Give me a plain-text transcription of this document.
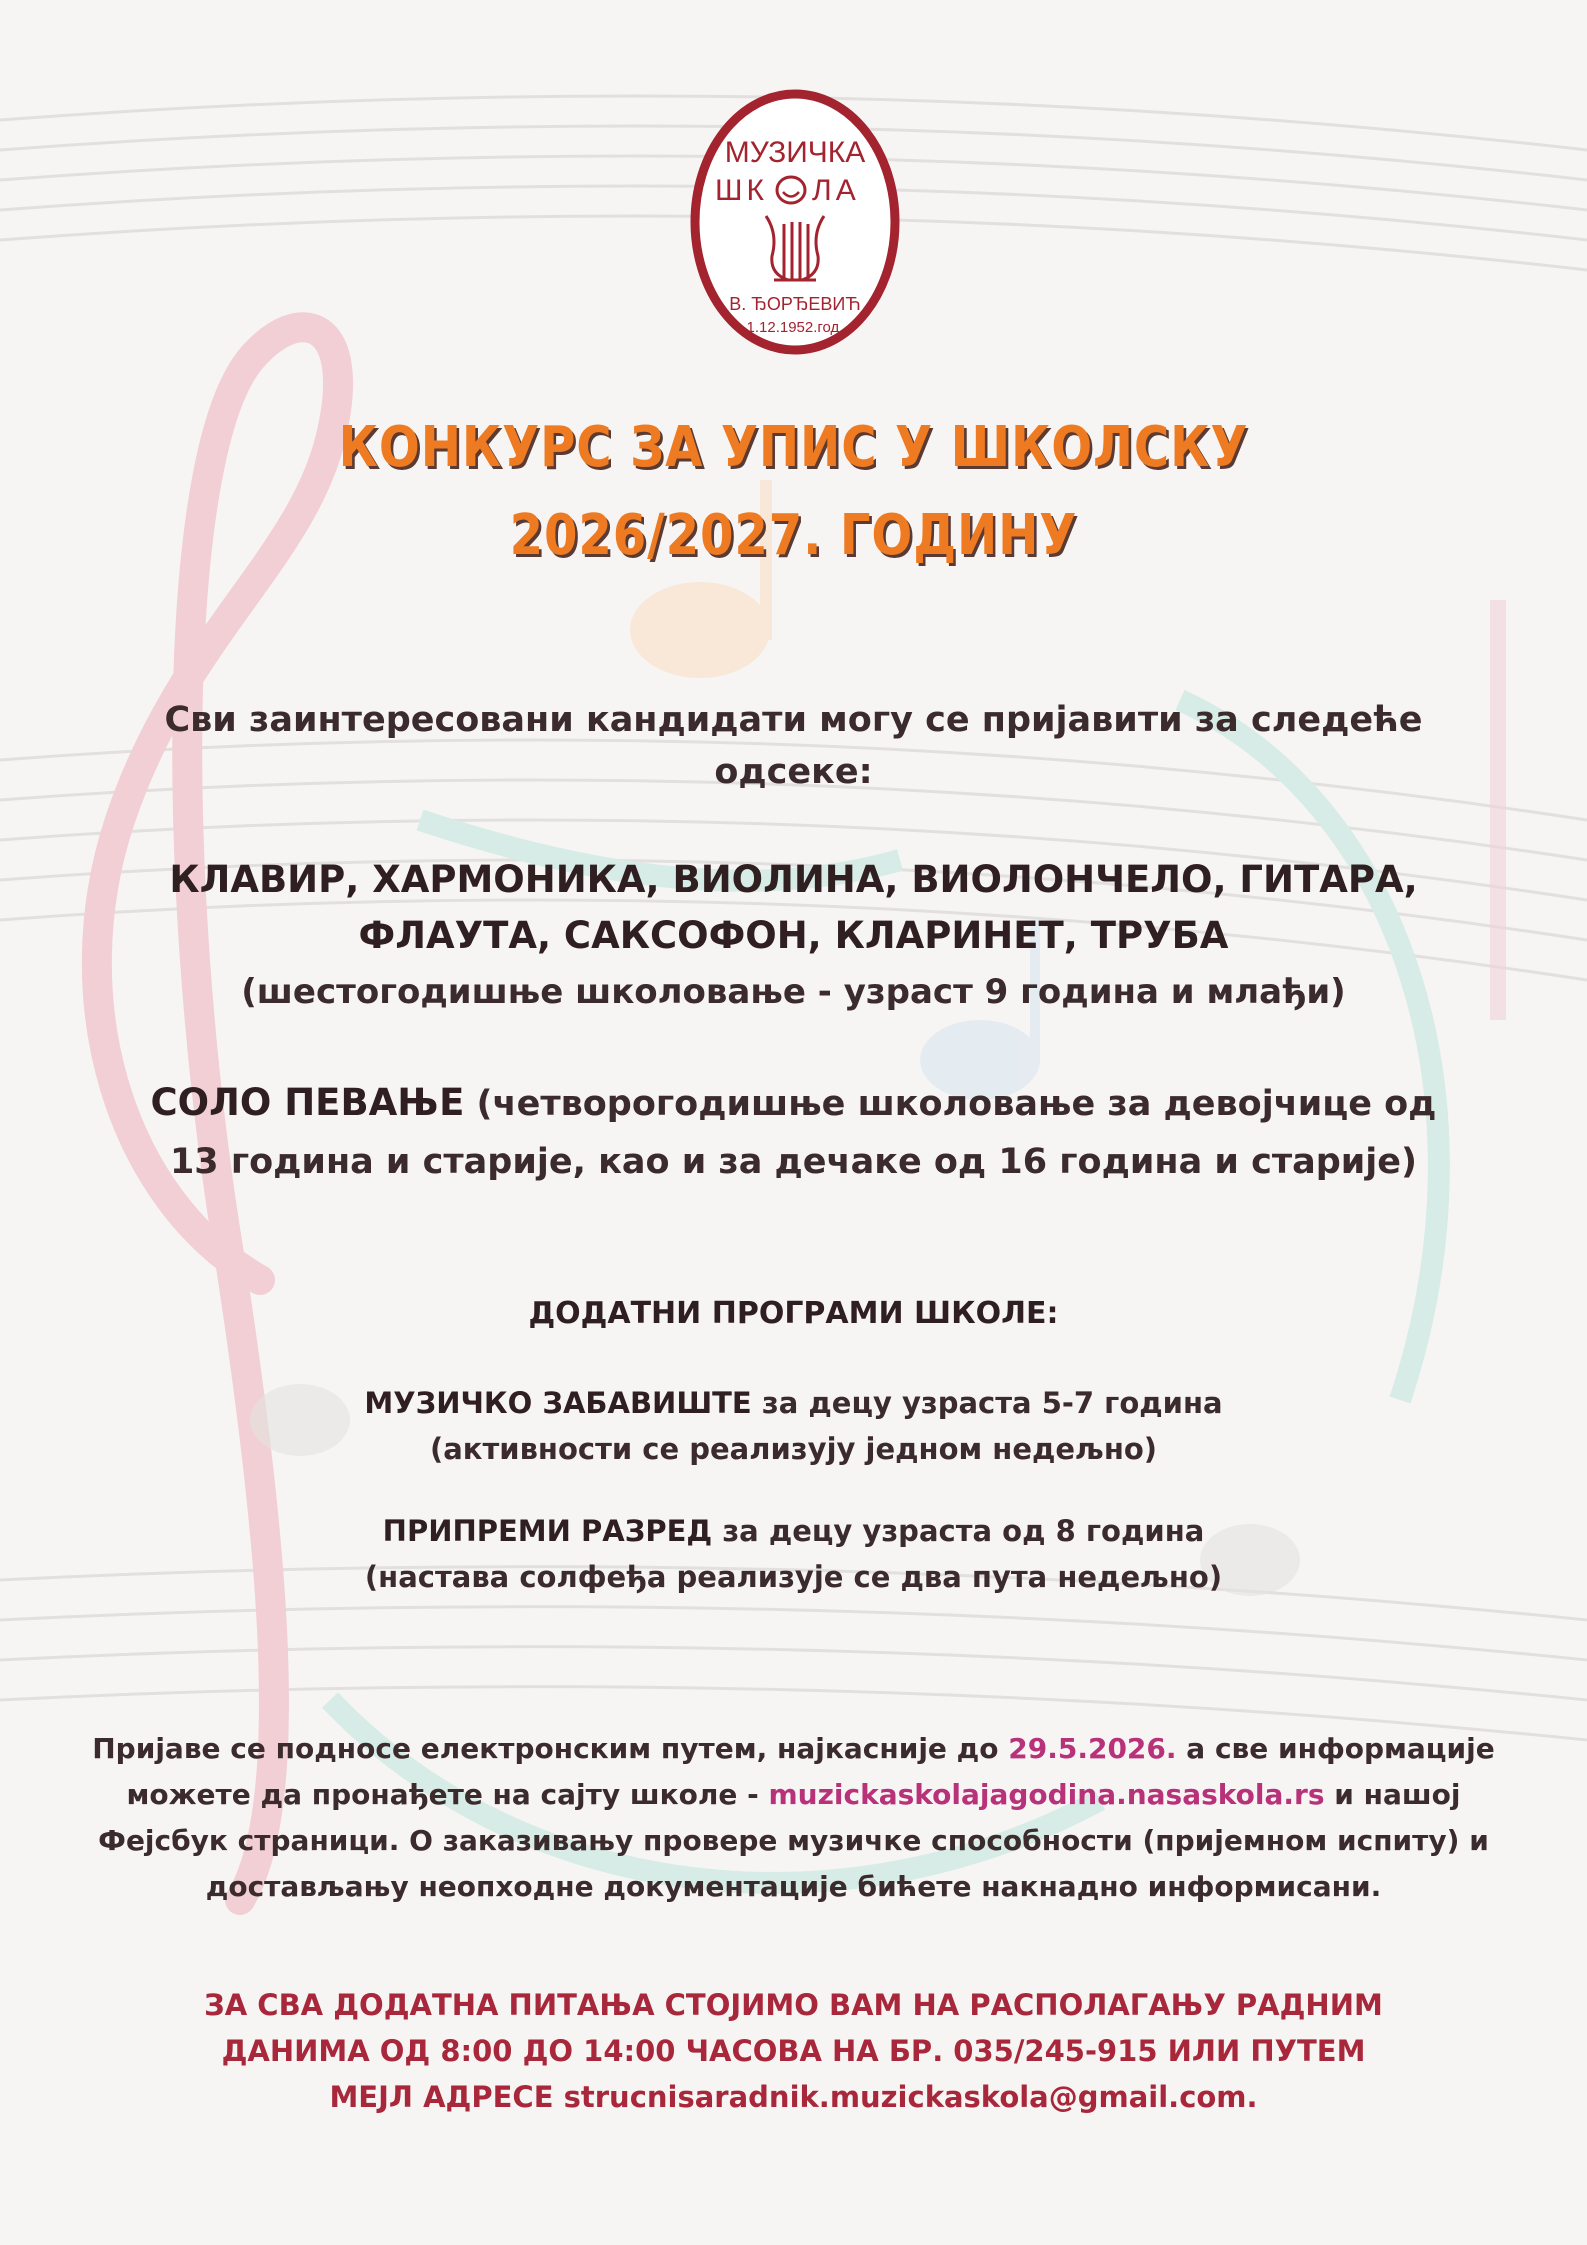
МУЗИЧКА
ШК ЛА
В. ЂОРЂЕВИЋ
1.12.1952.год.
КОНКУРС ЗА УПИС У ШКОЛСКУ
2026/2027. ГОДИНУ
Сви заинтересовани кандидати могу се пријавити за следеће
одсеке:
КЛАВИР, ХАРМОНИКА, ВИОЛИНА, ВИОЛОНЧЕЛО, ГИТАРА,
ФЛАУТА, САКСОФОН, КЛАРИНЕТ, ТРУБА
(шестогодишње школовање - узраст 9 година и млађи)
СОЛО ПЕВАЊЕ (четворогодишње школовање за девојчице од
13 година и старије, као и за дечаке од 16 година и старије)
ДОДАТНИ ПРОГРАМИ ШКОЛЕ:
МУЗИЧКО ЗАБАВИШТЕ за децу узраста 5-7 година
(активности се реализују једном недељно)
ПРИПРЕМИ РАЗРЕД за децу узраста од 8 година
(настава солфеђа реализује се два пута недељно)
Пријаве се подносе електронским путем, најкасније до 29.5.2026. а све информације
можете да пронађете на сајту школе - muzickaskolajagodina.nasaskola.rs и нашој
Фејсбук страници. О заказивању провере музичке способности (пријемном испиту) и
достављању неопходне документације бићете накнадно информисани.
ЗА СВА ДОДАТНА ПИТАЊА СТОЈИМО ВАМ НА РАСПОЛАГАЊУ РАДНИМ
ДАНИМА ОД 8:00 ДО 14:00 ЧАСОВА НА БР. 035/245-915 ИЛИ ПУТЕМ
МЕЈЛ АДРЕСЕ strucnisaradnik.muzickaskola@gmail.com.
